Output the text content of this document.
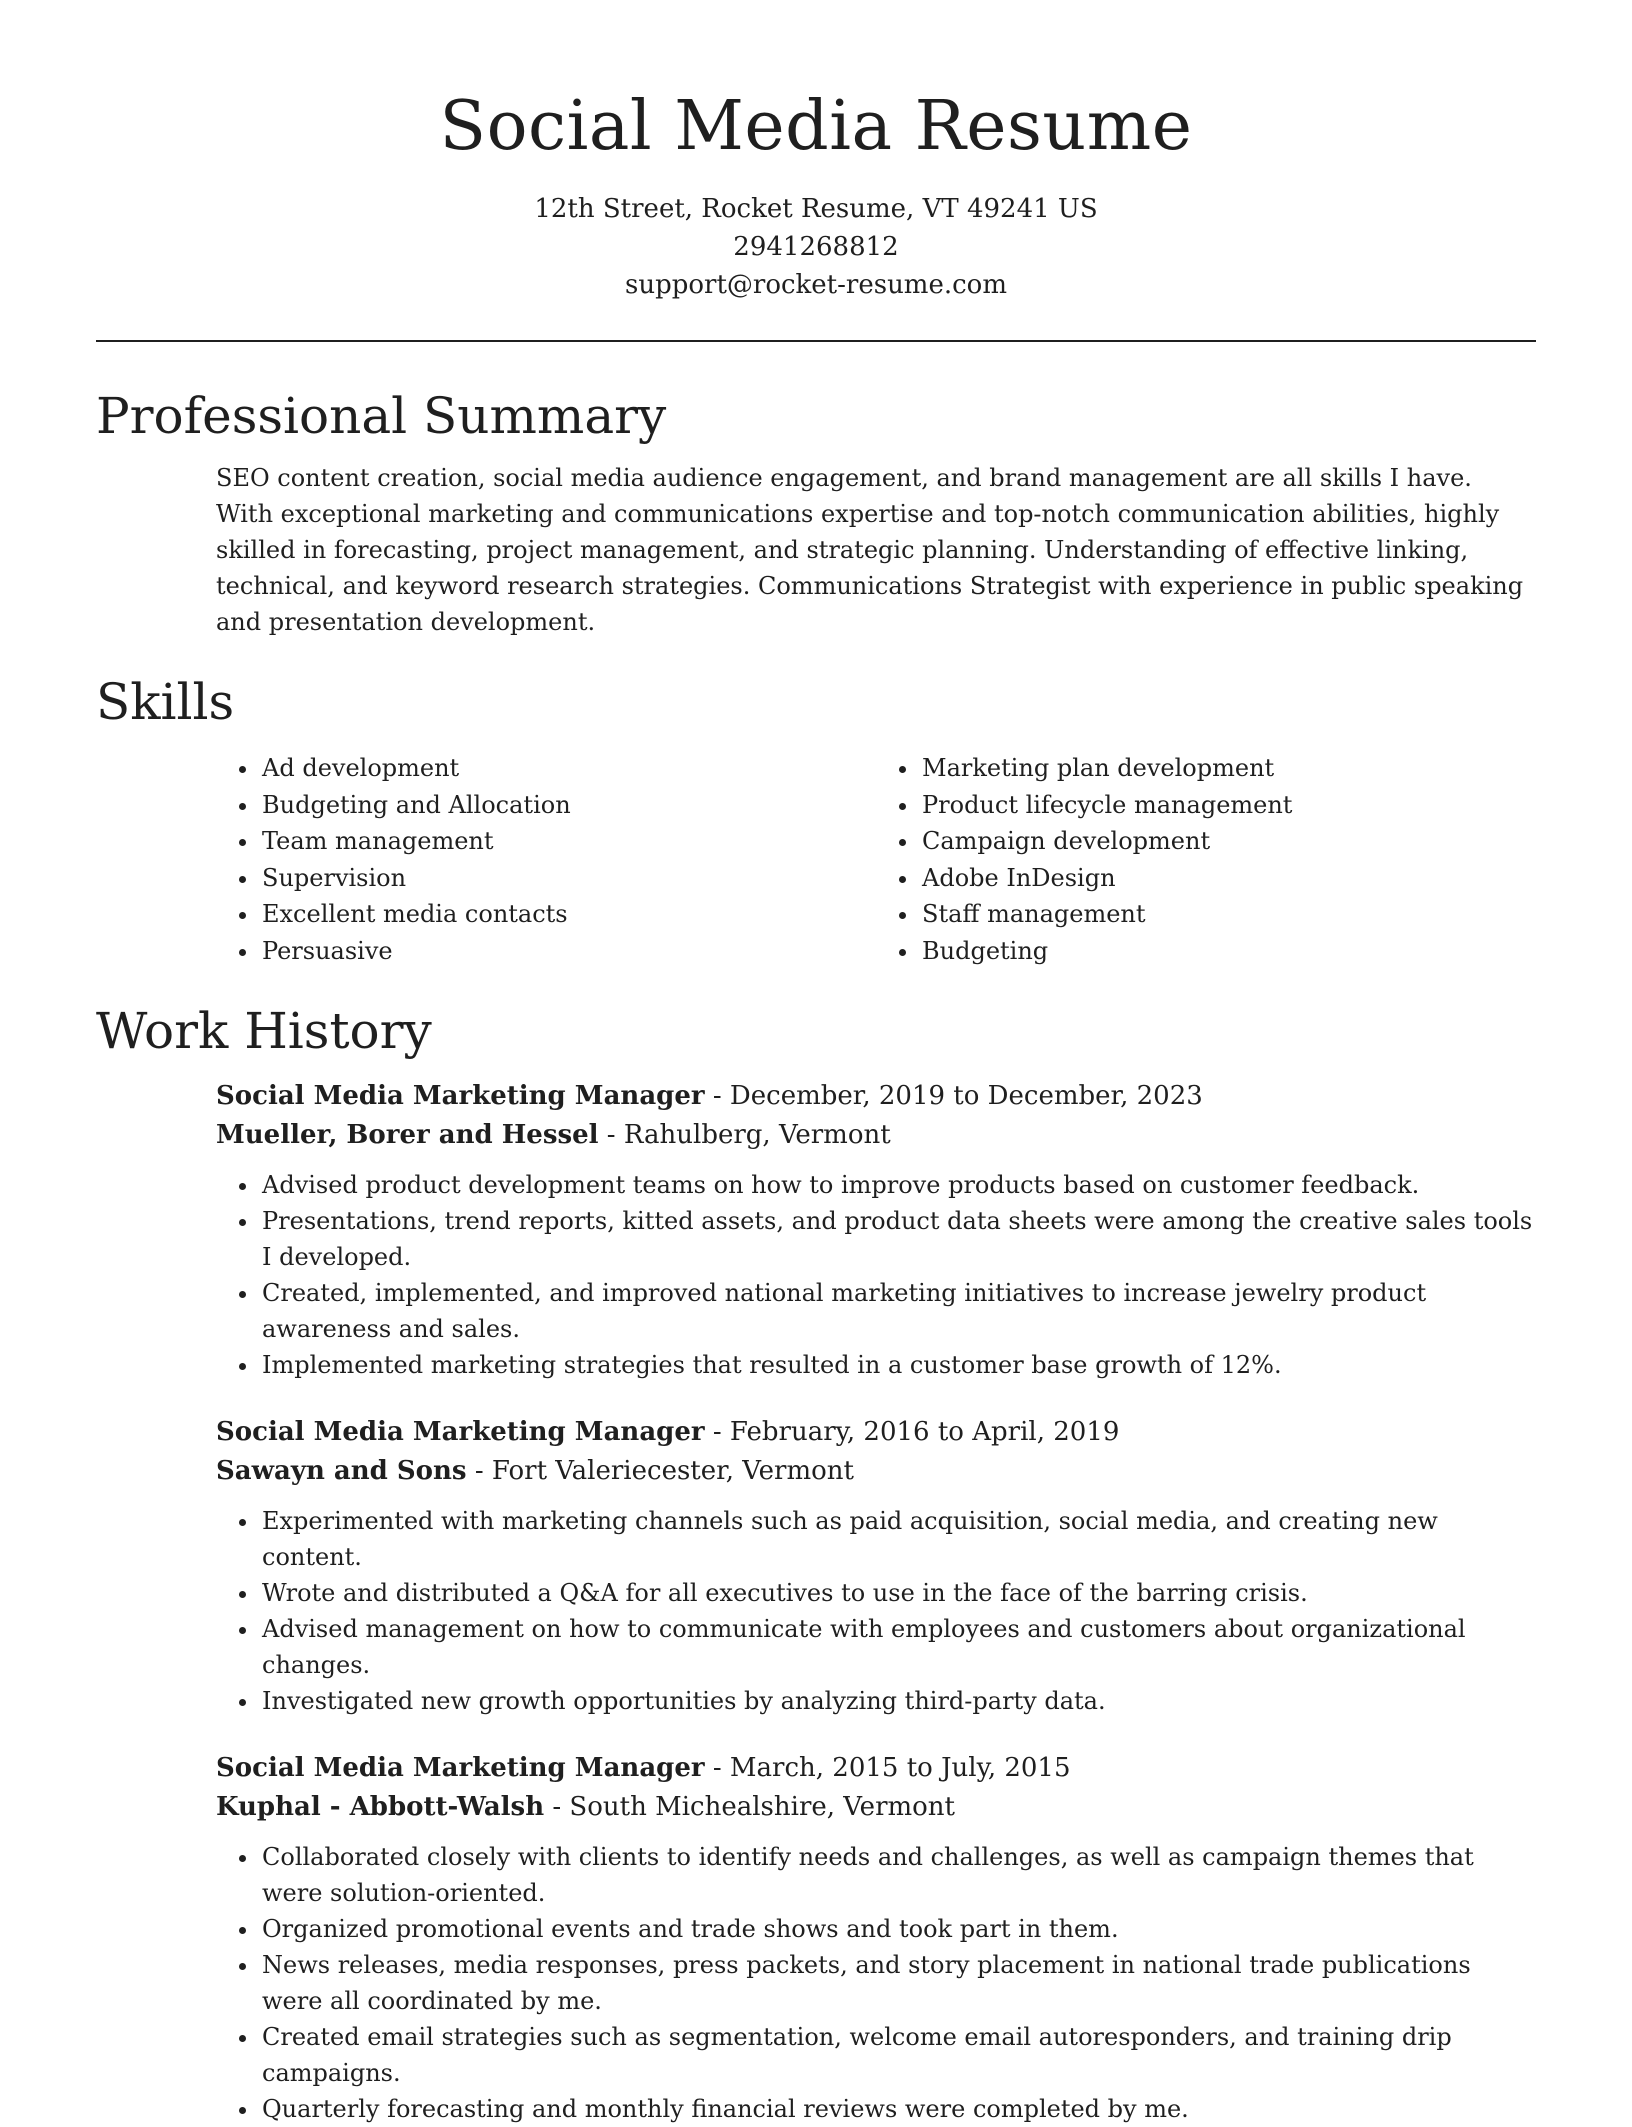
Social Media Resume

12th Street, Rocket Resume, VT 49241 US

2941268812

support@rocket-resume.com

Professional Summary

SEO content creation, social media audience engagement, and brand management are all skills I have. With exceptional marketing and communications expertise and top-notch communication abilities, highly skilled in forecasting, project management, and strategic planning. Understanding of effective linking, technical, and keyword research strategies. Communications Strategist with experience in public speaking and presentation development.

Skills
• Ad development
• Budgeting and Allocation
• Team management
• Supervision
• Excellent media contacts
• Persuasive
• Marketing plan development
• Product lifecycle management
• Campaign development
• Adobe InDesign
• Staff management
• Budgeting
Work History

Social Media Marketing Manager - December, 2019 to December, 2023

Mueller, Borer and Hessel - Rahulberg, Vermont

• Advised product development teams on how to improve products based on customer feedback.
• Presentations, trend reports, kitted assets, and product data sheets were among the creative sales tools I developed.
• Created, implemented, and improved national marketing initiatives to increase jewelry product awareness and sales.
• Implemented marketing strategies that resulted in a customer base growth of 12%.

Social Media Marketing Manager - February, 2016 to April, 2019

Sawayn and Sons - Fort Valeriecester, Vermont

• Experimented with marketing channels such as paid acquisition, social media, and creating new content.
• Wrote and distributed a Q&A for all executives to use in the face of the barring crisis.
• Advised management on how to communicate with employees and customers about organizational changes.
• Investigated new growth opportunities by analyzing third-party data.

Social Media Marketing Manager - March, 2015 to July, 2015

Kuphal - Abbott-Walsh - South Michealshire, Vermont

• Collaborated closely with clients to identify needs and challenges, as well as campaign themes that were solution-oriented.
• Organized promotional events and trade shows and took part in them.
• News releases, media responses, press packets, and story placement in national trade publications were all coordinated by me.
• Created email strategies such as segmentation, welcome email autoresponders, and training drip campaigns.
• Quarterly forecasting and monthly financial reviews were completed by me.
